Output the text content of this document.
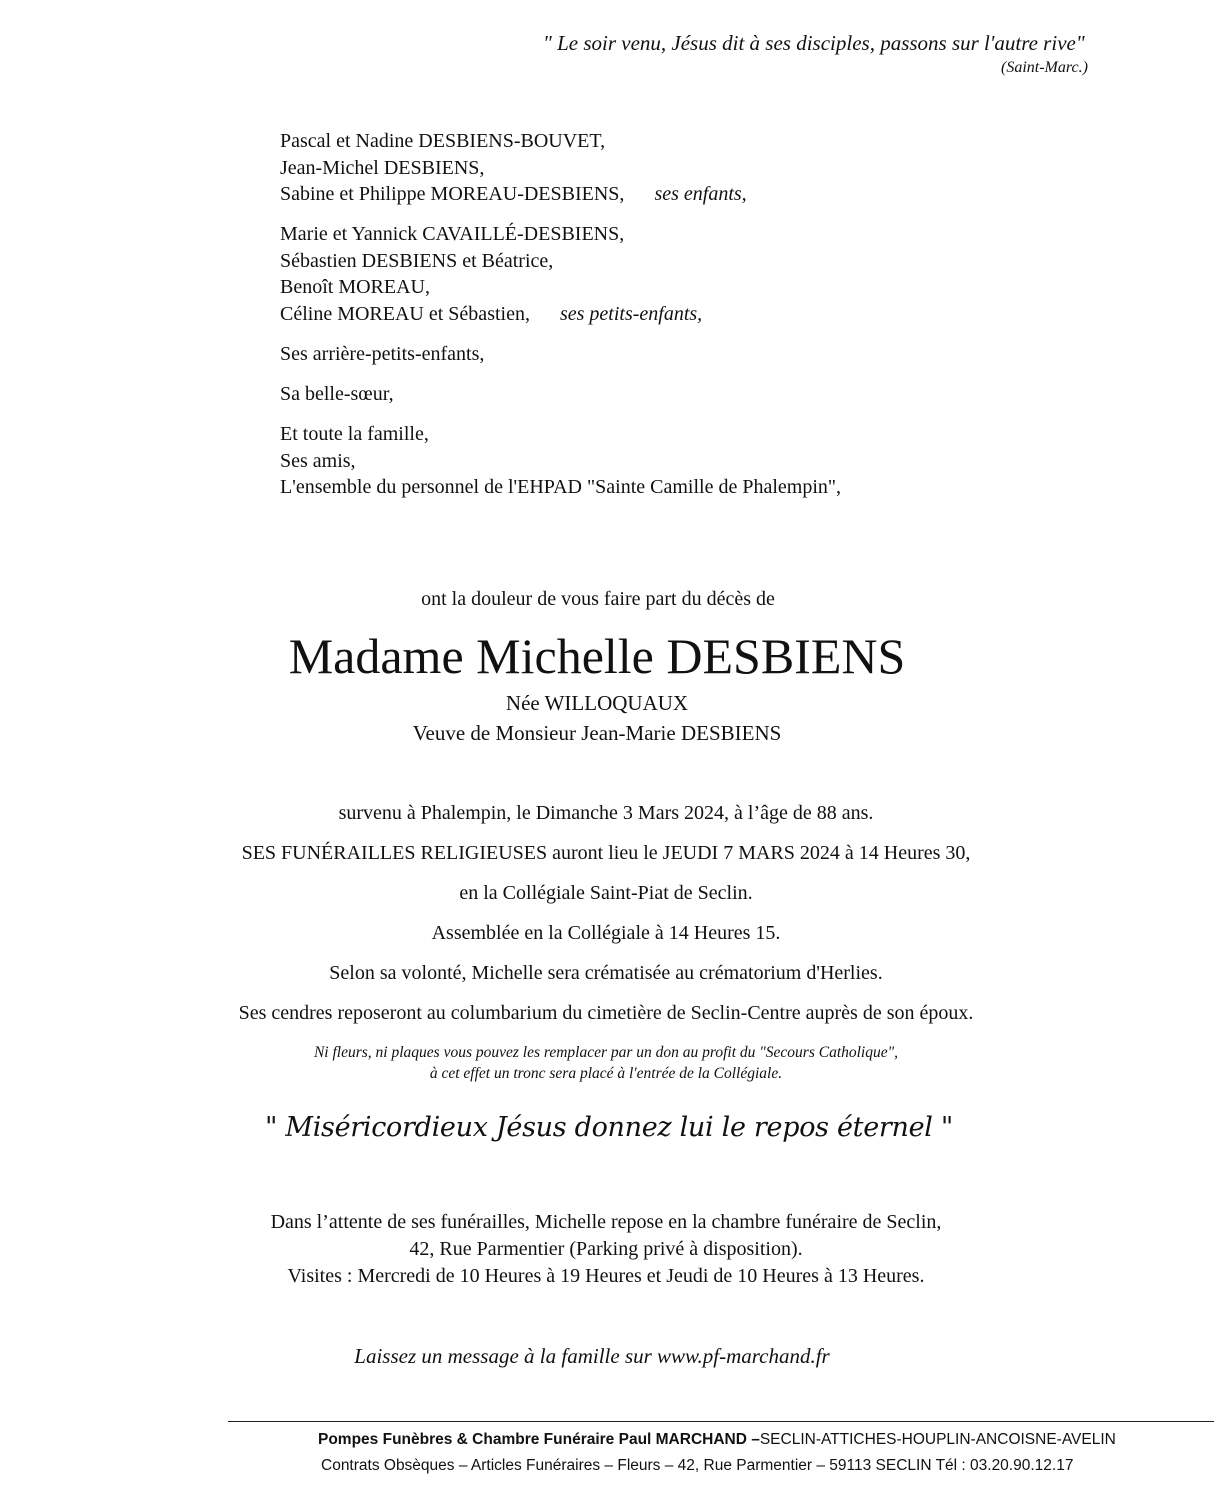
" Le soir venu, Jésus dit à ses disciples, passons sur l'autre rive"
(Saint-Marc.)
Pascal et Nadine DESBIENS-BOUVET,
Jean-Michel DESBIENS,
Sabine et Philippe MOREAU-DESBIENS, ses enfants,
Marie et Yannick CAVAILLÉ-DESBIENS,
Sébastien DESBIENS et Béatrice,
Benoît MOREAU,
Céline MOREAU et Sébastien, ses petits-enfants,
Ses arrière-petits-enfants,
Sa belle-sœur,
Et toute la famille,
Ses amis,
L'ensemble du personnel de l'EHPAD "Sainte Camille de Phalempin",
ont la douleur de vous faire part du décès de
Madame Michelle DESBIENS
Née WILLOQUAUX
Veuve de Monsieur Jean-Marie DESBIENS
survenu à Phalempin, le Dimanche 3 Mars 2024, à l’âge de 88 ans.
SES FUNÉRAILLES RELIGIEUSES auront lieu le JEUDI 7 MARS 2024 à 14 Heures 30,
en la Collégiale Saint-Piat de Seclin.
Assemblée en la Collégiale à 14 Heures 15.
Selon sa volonté, Michelle sera crématisée au crématorium d'Herlies.
Ses cendres reposeront au columbarium du cimetière de Seclin-Centre auprès de son époux.
Ni fleurs, ni plaques vous pouvez les remplacer par un don au profit du "Secours Catholique",
à cet effet un tronc sera placé à l'entrée de la Collégiale.
" Miséricordieux Jésus donnez lui le repos éternel "
Dans l’attente de ses funérailles, Michelle repose en la chambre funéraire de Seclin,
42, Rue Parmentier (Parking privé à disposition).
Visites : Mercredi de 10 Heures à 19 Heures et Jeudi de 10 Heures à 13 Heures.
Laissez un message à la famille sur www.pf-marchand.fr
Pompes Funèbres & Chambre Funéraire Paul MARCHAND –SECLIN-ATTICHES-HOUPLIN-ANCOISNE-AVELIN
Contrats Obsèques – Articles Funéraires – Fleurs – 42, Rue Parmentier – 59113 SECLIN Tél : 03.20.90.12.17
